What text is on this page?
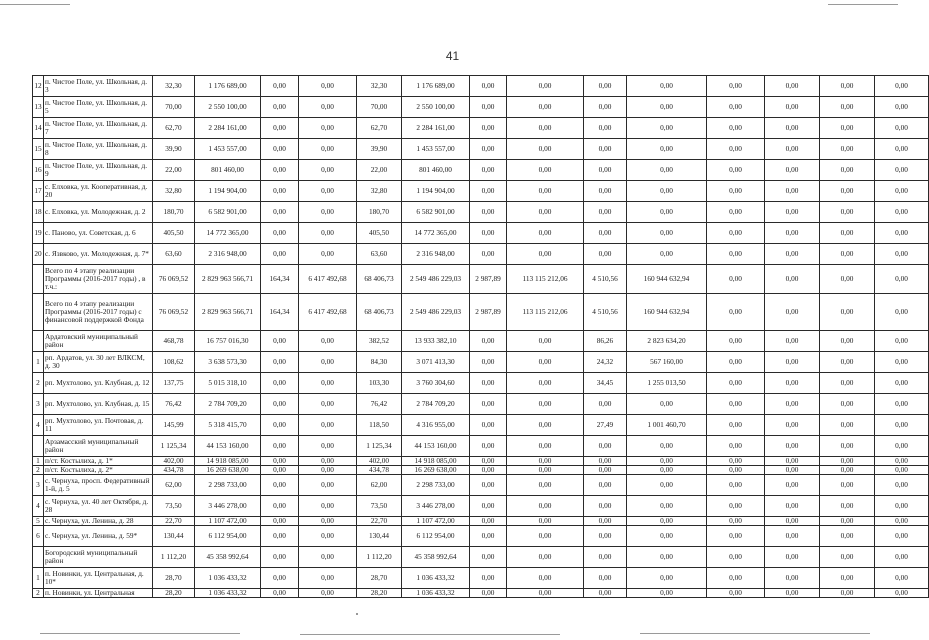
41
12	п. Чистое Поле, ул. Школьная, д. 3	32,30	1 176 689,00	0,00	0,00	32,30	1 176 689,00	0,00	0,00	0,00	0,00	0,00	0,00	0,00	0,00
13	п. Чистое Поле, ул. Школьная, д. 5	70,00	2 550 100,00	0,00	0,00	70,00	2 550 100,00	0,00	0,00	0,00	0,00	0,00	0,00	0,00	0,00
14	п. Чистое Поле, ул. Школьная, д. 7	62,70	2 284 161,00	0,00	0,00	62,70	2 284 161,00	0,00	0,00	0,00	0,00	0,00	0,00	0,00	0,00
15	п. Чистое Поле, ул. Школьная, д. 8	39,90	1 453 557,00	0,00	0,00	39,90	1 453 557,00	0,00	0,00	0,00	0,00	0,00	0,00	0,00	0,00
16	п. Чистое Поле, ул. Школьная, д. 9	22,00	801 460,00	0,00	0,00	22,00	801 460,00	0,00	0,00	0,00	0,00	0,00	0,00	0,00	0,00
17	с. Елховка, ул. Кооперативная, д. 20	32,80	1 194 904,00	0,00	0,00	32,80	1 194 904,00	0,00	0,00	0,00	0,00	0,00	0,00	0,00	0,00
18	с. Елховка, ул. Молодежная, д. 2	180,70	6 582 901,00	0,00	0,00	180,70	6 582 901,00	0,00	0,00	0,00	0,00	0,00	0,00	0,00	0,00
19	с. Паново, ул. Советская, д. 6	405,50	14 772 365,00	0,00	0,00	405,50	14 772 365,00	0,00	0,00	0,00	0,00	0,00	0,00	0,00	0,00
20	с. Язвково, ул. Молодежная, д. 7*	63,60	2 316 948,00	0,00	0,00	63,60	2 316 948,00	0,00	0,00	0,00	0,00	0,00	0,00	0,00	0,00
	Всего по 4 этапу реализации Программы (2016-2017 годы) , в т.ч.:	76 069,52	2 829 963 566,71	164,34	6 417 492,68	68 406,73	2 549 486 229,03	2 987,89	113 115 212,06	4 510,56	160 944 632,94	0,00	0,00	0,00	0,00
	Всего по 4 этапу реализации Программы (2016-2017 годы) с финансовой поддержкой Фонда	76 069,52	2 829 963 566,71	164,34	6 417 492,68	68 406,73	2 549 486 229,03	2 987,89	113 115 212,06	4 510,56	160 944 632,94	0,00	0,00	0,00	0,00
	Ардатовский муниципальный район	468,78	16 757 016,30	0,00	0,00	382,52	13 933 382,10	0,00	0,00	86,26	2 823 634,20	0,00	0,00	0,00	0,00
1	рп. Ардатов, ул. 30 лет ВЛКСМ, д. 30	108,62	3 638 573,30	0,00	0,00	84,30	3 071 413,30	0,00	0,00	24,32	567 160,00	0,00	0,00	0,00	0,00
2	рп. Мухтолово, ул. Клубная, д. 12	137,75	5 015 318,10	0,00	0,00	103,30	3 760 304,60	0,00	0,00	34,45	1 255 013,50	0,00	0,00	0,00	0,00
3	рп. Мухтолово, ул. Клубная, д. 15	76,42	2 784 709,20	0,00	0,00	76,42	2 784 709,20	0,00	0,00	0,00	0,00	0,00	0,00	0,00	0,00
4	рп. Мухтолово, ул. Почтовая, д. 11	145,99	5 318 415,70	0,00	0,00	118,50	4 316 955,00	0,00	0,00	27,49	1 001 460,70	0,00	0,00	0,00	0,00
	Арзамасский муниципальный район	1 125,34	44 153 160,00	0,00	0,00	1 125,34	44 153 160,00	0,00	0,00	0,00	0,00	0,00	0,00	0,00	0,00
1	п/ст. Костылиха, д. 1*	402,00	14 918 085,00	0,00	0,00	402,00	14 918 085,00	0,00	0,00	0,00	0,00	0,00	0,00	0,00	0,00
2	п/ст. Костылиха, д. 2*	434,78	16 269 638,00	0,00	0,00	434,78	16 269 638,00	0,00	0,00	0,00	0,00	0,00	0,00	0,00	0,00
3	с. Чернуха, просп. Федеративный 1-й, д. 5	62,00	2 298 733,00	0,00	0,00	62,00	2 298 733,00	0,00	0,00	0,00	0,00	0,00	0,00	0,00	0,00
4	с. Чернуха, ул. 40 лет Октября, д. 28	73,50	3 446 278,00	0,00	0,00	73,50	3 446 278,00	0,00	0,00	0,00	0,00	0,00	0,00	0,00	0,00
5	с. Чернуха, ул. Ленина, д. 28	22,70	1 107 472,00	0,00	0,00	22,70	1 107 472,00	0,00	0,00	0,00	0,00	0,00	0,00	0,00	0,00
6	с. Чернуха, ул. Ленина, д. 59*	130,44	6 112 954,00	0,00	0,00	130,44	6 112 954,00	0,00	0,00	0,00	0,00	0,00	0,00	0,00	0,00
	Богородский муниципальный район	1 112,20	45 358 992,64	0,00	0,00	1 112,20	45 358 992,64	0,00	0,00	0,00	0,00	0,00	0,00	0,00	0,00
1	п. Новинки, ул. Центральная, д. 10*	28,70	1 036 433,32	0,00	0,00	28,70	1 036 433,32	0,00	0,00	0,00	0,00	0,00	0,00	0,00	0,00
2	п. Новинки, ул. Центральная	28,20	1 036 433,32	0,00	0,00	28,20	1 036 433,32	0,00	0,00	0,00	0,00	0,00	0,00	0,00	0,00
